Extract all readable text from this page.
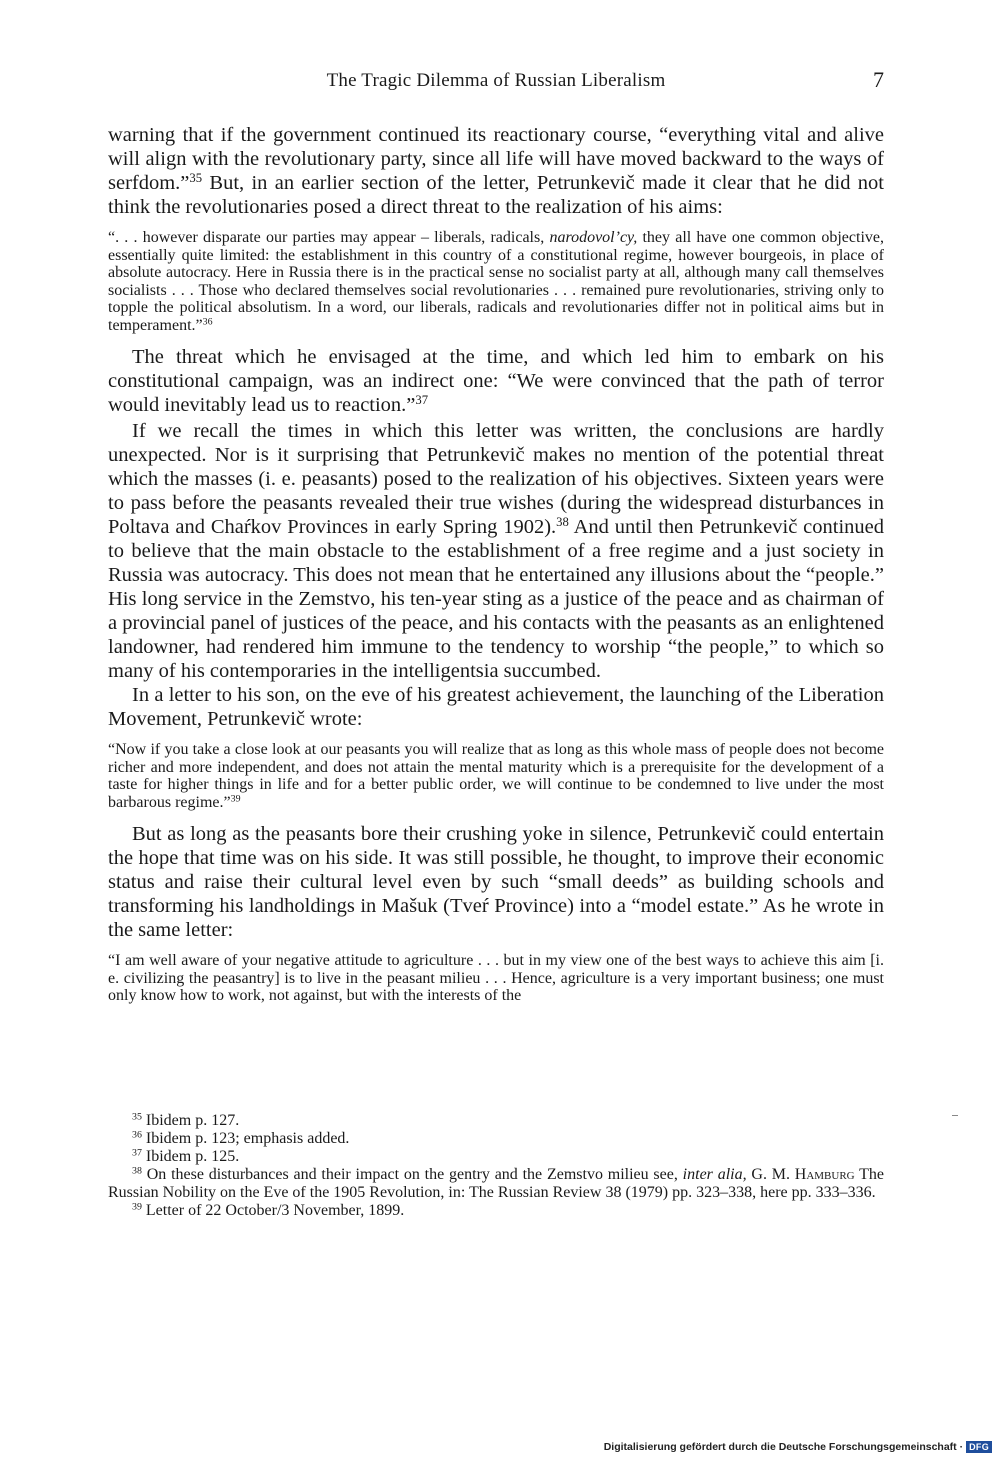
The Tragic Dilemma of Russian Liberalism	7

warning that if the government continued its reactionary course, “everything vital and alive will align with the revolutionary party, since all life will have moved backward to the ways of serfdom.”$^{35}$ But, in an earlier section of the letter, Petrunkevič made it clear that he did not think the revolutionaries posed a direct threat to the realization of his aims:

“. . . however disparate our parties may appear – liberals, radicals, narodovol’cy, they all have one common objective, essentially quite limited: the establishment in this country of a constitutional regime, however bourgeois, in place of absolute autocracy. Here in Russia there is in the practical sense no socialist party at all, although many call themselves socialists . . . Those who declared themselves social revolutionaries . . . remained pure revolutionaries, striving only to topple the political absolutism. In a word, our liberals, radicals and revolutionaries differ not in political aims but in temperament.”$^{36}$

The threat which he envisaged at the time, and which led him to embark on his constitutional campaign, was an indirect one: “We were convinced that the path of terror would inevitably lead us to reaction.”$^{37}$

If we recall the times in which this letter was written, the conclusions are hardly unexpected. Nor is it surprising that Petrunkevič makes no mention of the potential threat which the masses (i. e. peasants) posed to the realization of his objectives. Sixteen years were to pass before the peasants revealed their true wishes (during the widespread disturbances in Poltava and Chaŕkov Provinces in early Spring 1902).$^{38}$ And until then Petrunkevič continued to believe that the main obstacle to the establishment of a free regime and a just society in Russia was autocracy. This does not mean that he entertained any illusions about the “people.” His long service in the Zemstvo, his ten-year sting as a justice of the peace and as chairman of a provincial panel of justices of the peace, and his contacts with the peasants as an enlightened landowner, had rendered him immune to the tendency to worship “the people,” to which so many of his contemporaries in the intelligentsia succumbed.

In a letter to his son, on the eve of his greatest achievement, the launching of the Liberation Movement, Petrunkevič wrote:

“Now if you take a close look at our peasants you will realize that as long as this whole mass of people does not become richer and more independent, and does not attain the mental maturity which is a prerequisite for the development of a taste for higher things in life and for a better public order, we will continue to be condemned to live under the most barbarous regime.”$^{39}$

But as long as the peasants bore their crushing yoke in silence, Petrunkevič could entertain the hope that time was on his side. It was still possible, he thought, to improve their economic status and raise their cultural level even by such “small deeds” as building schools and transforming his landholdings in Mašuk (Tveŕ Province) into a “model estate.” As he wrote in the same letter:

“I am well aware of your negative attitude to agriculture . . . but in my view one of the best ways to achieve this aim [i. e. civilizing the peasantry] is to live in the peasant milieu . . . Hence, agriculture is a very important business; one must only know how to work, not against, but with the interests of the

$^{35}$ Ibidem p. 127.

$^{36}$ Ibidem p. 123; emphasis added.

$^{37}$ Ibidem p. 125.

$^{38}$ On these disturbances and their impact on the gentry and the Zemstvo milieu see, inter alia, G. M. Hamburg The Russian Nobility on the Eve of the 1905 Revolution, in: The Russian Review 38 (1979) pp. 323–338, here pp. 333–336.

$^{39}$ Letter of 22 October/3 November, 1899.

Digitalisierung gefördert durch die Deutsche Forschungsgemeinschaft · DFG
